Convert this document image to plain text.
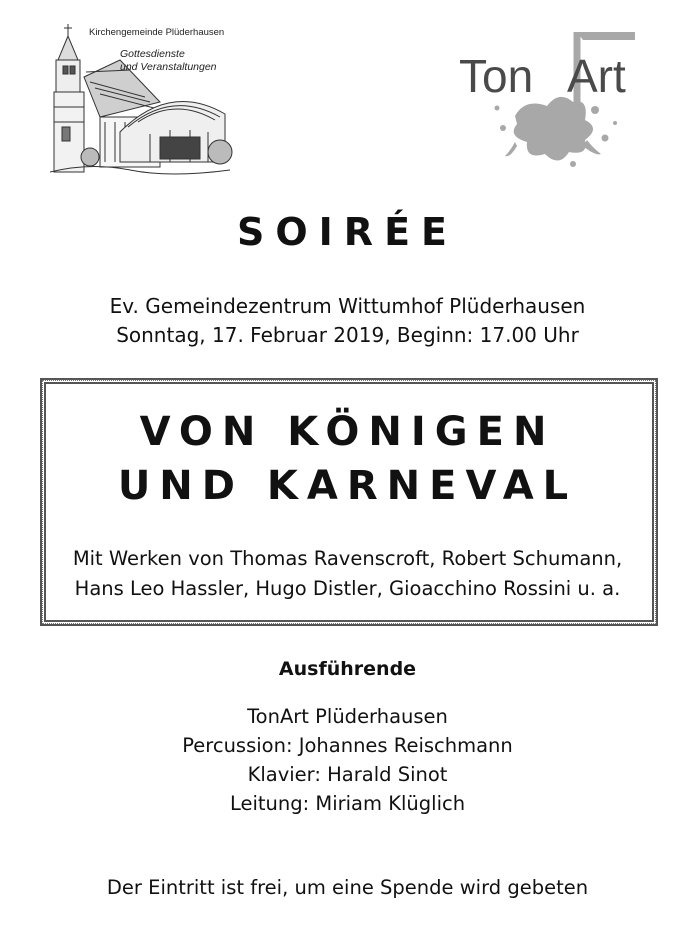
Kirchengemeinde Plüderhausen
Gottesdienste
und Veranstaltungen	Ton Art
SOIRÉE
Ev. Gemeindezentrum Wittumhof Plüderhausen
Sonntag, 17. Februar 2019, Beginn: 17.00 Uhr
VON KÖNIGEN
UND KARNEVAL
Mit Werken von Thomas Ravenscroft, Robert Schumann,
Hans Leo Hassler, Hugo Distler, Gioacchino Rossini u. a.
Ausführende
TonArt Plüderhausen
Percussion: Johannes Reischmann
Klavier: Harald Sinot
Leitung: Miriam Klüglich
Der Eintritt ist frei, um eine Spende wird gebeten
